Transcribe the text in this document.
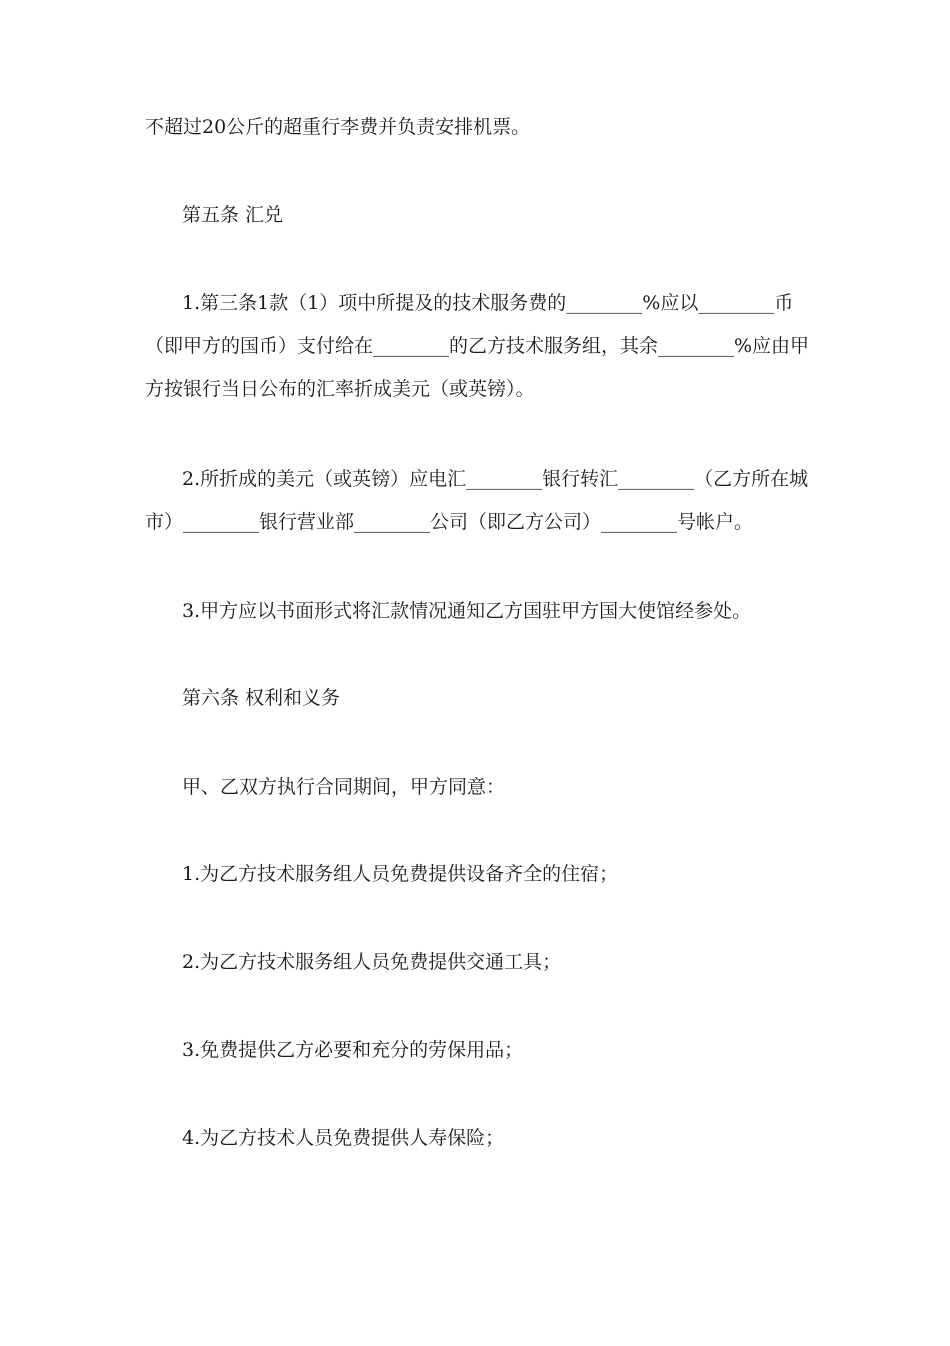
不超过20公斤的超重行李费并负责安排机票。

第五条 汇兑

1.第三条1款（1）项中所提及的技术服务费的________%应以________币（即甲方的国币）支付给在________的乙方技术服务组，其余________%应由甲方按银行当日公布的汇率折成美元（或英镑）。

2.所折成的美元（或英镑）应电汇________银行转汇________（乙方所在城市）________银行营业部________公司（即乙方公司）________号帐户。

3.甲方应以书面形式将汇款情况通知乙方国驻甲方国大使馆经参处。

第六条 权利和义务

甲、乙双方执行合同期间，甲方同意：

1.为乙方技术服务组人员免费提供设备齐全的住宿；

2.为乙方技术服务组人员免费提供交通工具；

3.免费提供乙方必要和充分的劳保用品；

4.为乙方技术人员免费提供人寿保险；
